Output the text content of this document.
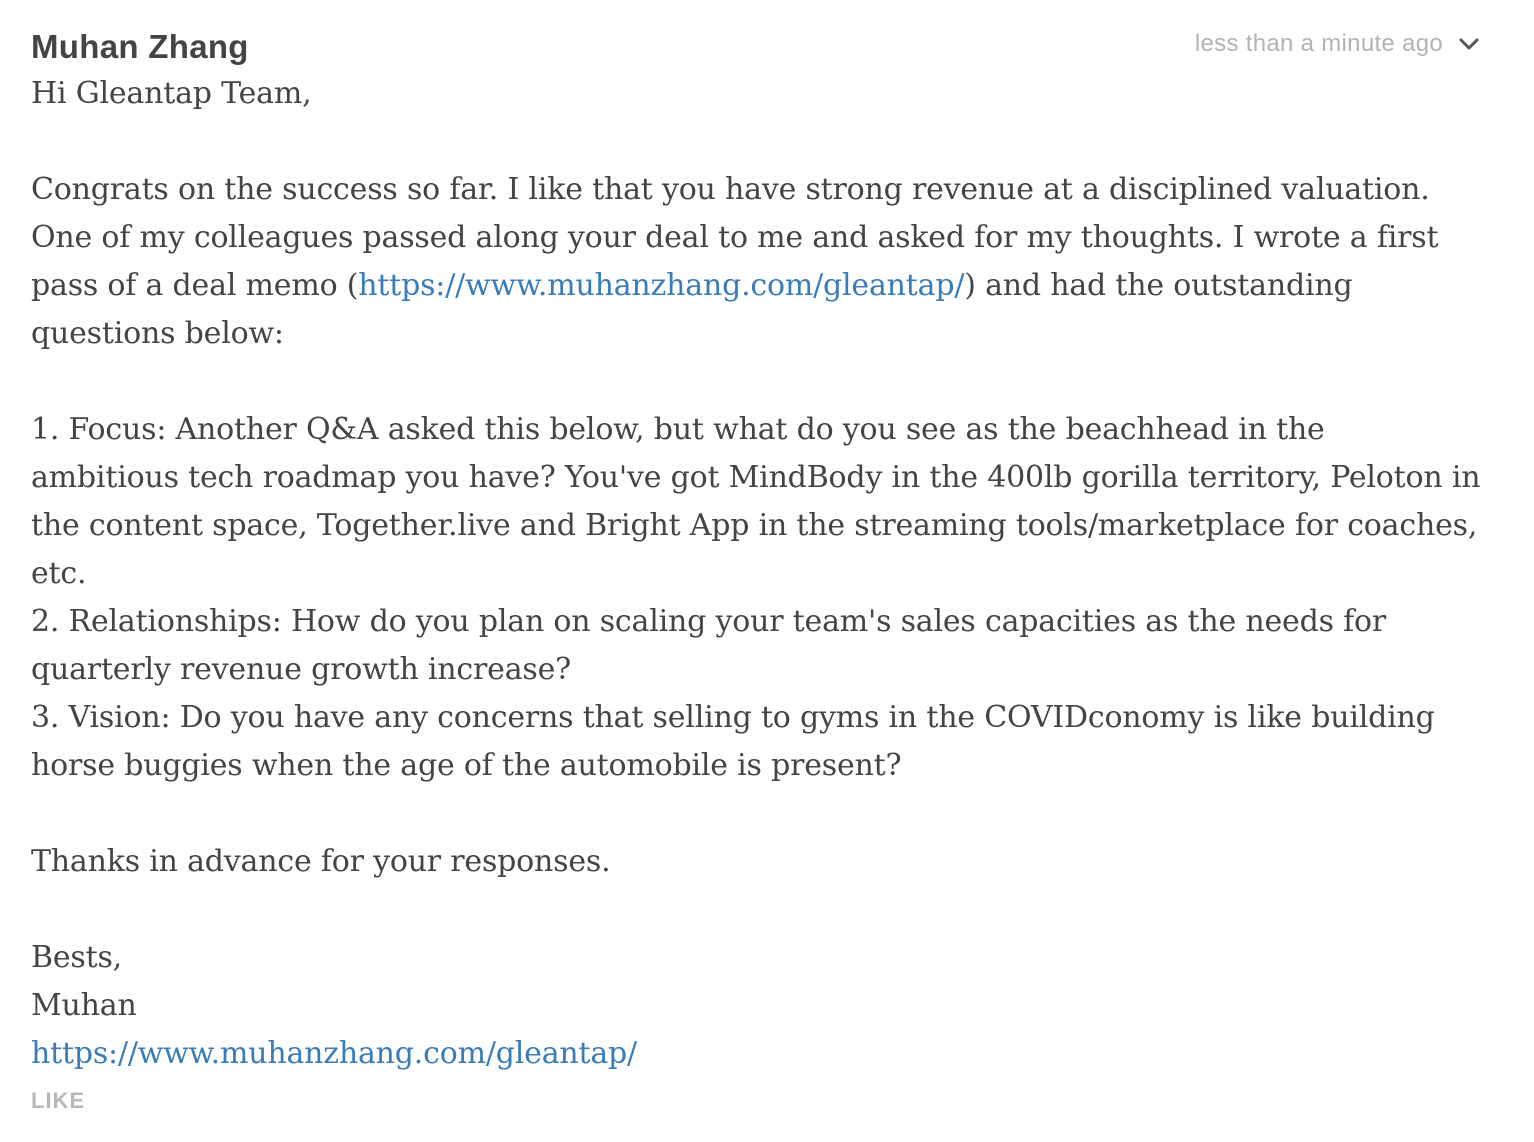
Muhan Zhang	less than a minute ago

Hi Gleantap Team,

Congrats on the success so far. I like that you have strong revenue at a disciplined valuation. One of my colleagues passed along your deal to me and asked for my thoughts. I wrote a first pass of a deal memo (https://www.muhanzhang.com/gleantap/) and had the outstanding questions below:

1. Focus: Another Q&A asked this below, but what do you see as the beachhead in the ambitious tech roadmap you have? You've got MindBody in the 400lb gorilla territory, Peloton in the content space, Together.live and Bright App in the streaming tools/marketplace for coaches, etc.

2. Relationships: How do you plan on scaling your team's sales capacities as the needs for quarterly revenue growth increase?

3. Vision: Do you have any concerns that selling to gyms in the COVIDconomy is like building horse buggies when the age of the automobile is present?

Thanks in advance for your responses.

Bests,

Muhan

https://www.muhanzhang.com/gleantap/

LIKE
